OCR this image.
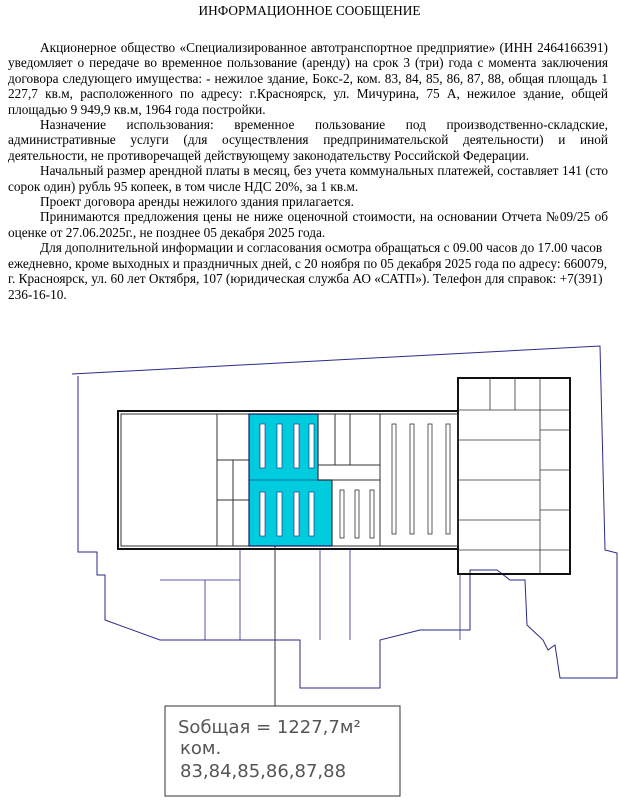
ИНФОРМАЦИОННОЕ СООБЩЕНИЕ

Акционерное общество «Специализированное автотранспортное предприятие» (ИНН 2464166391) уведомляет о передаче во временное пользование (аренду) на срок 3 (три) года с момента заключения договора следующего имущества: - нежилое здание, Бокс-2, ком. 83, 84, 85, 86, 87, 88, общая площадь 1 227,7 кв.м, расположенного по адресу: г.Красноярск, ул. Мичурина, 75 А, нежилое здание, общей площадью 9 949,9 кв.м, 1964 года постройки.

Назначение использования: временное пользование под производственно-складские, административные услуги (для осуществления предпринимательской деятельности) и иной деятельности, не противоречащей действующему законодательству Российской Федерации.

Начальный размер арендной платы в месяц, без учета коммунальных платежей, составляет 141 (сто сорок один) рубль 95 копеек, в том числе НДС 20%, за 1 кв.м.

Проект договора аренды нежилого здания прилагается.

Принимаются предложения цены не ниже оценочной стоимости, на основании Отчета №09/25 об оценке от 27.06.2025г., не позднее 05 декабря 2025 года.

Для дополнительной информации и согласования осмотра обращаться с 09.00 часов до 17.00 часов ежедневно, кроме выходных и праздничных дней, с 20 ноября по 05 декабря 2025 года по адресу: 660079, г. Красноярск, ул. 60 лет Октября, 107 (юридическая служба АО «САТП»). Телефон для справок: +7(391) 236-16-10.

Sобщая = 1227,7м²
ком.
83,84,85,86,87,88
